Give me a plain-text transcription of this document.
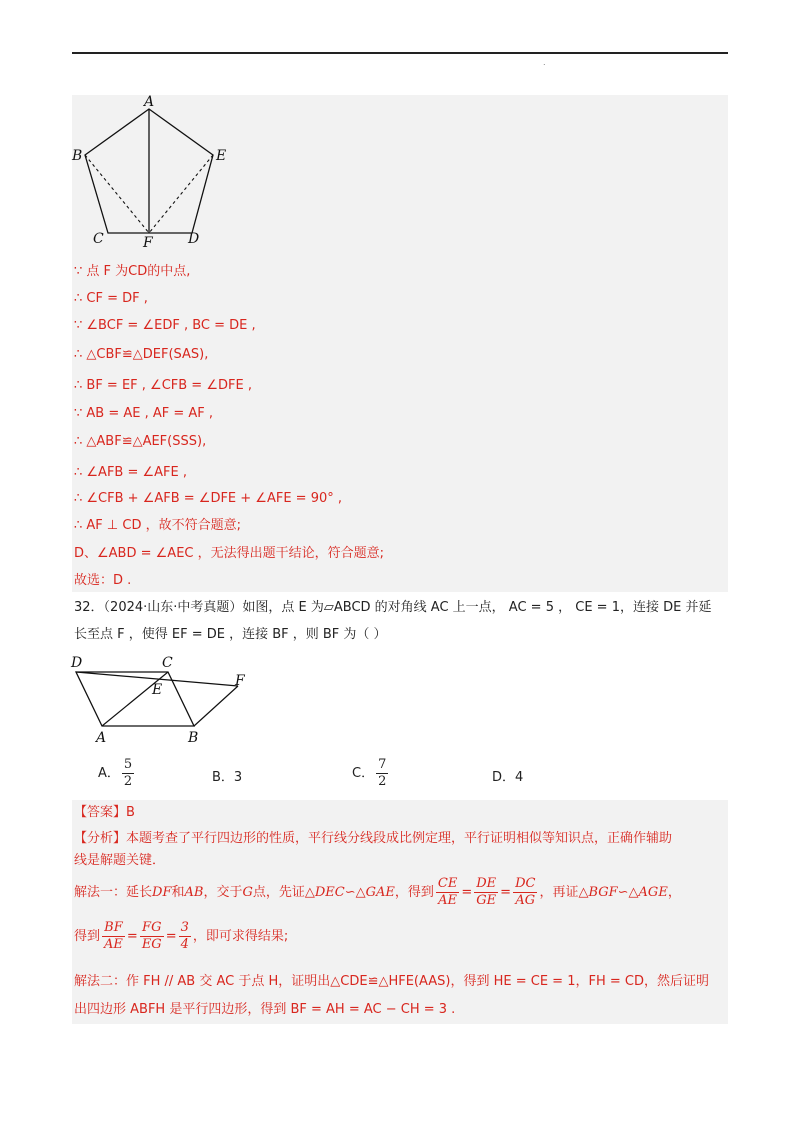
.
A
B	E
C	F	D
∵ 点 F 为CD的中点,
∴ CF = DF ,
∵ ∠BCF = ∠EDF , BC = DE ,
∴ △CBF≌△DEF(SAS),
∴ BF = EF , ∠CFB = ∠DFE ,
∵ AB = AE , AF = AF ,
∴ △ABF≌△AEF(SSS),
∴ ∠AFB = ∠AFE ,
∴ ∠CFB + ∠AFB = ∠DFE + ∠AFE = 90° ,
∴ AF ⊥ CD ，故不符合题意;
D、∠ABD = ∠AEC ，无法得出题干结论，符合题意;
故选：D .
32．（2024·山东·中考真题）如图，点 E 为▱ABCD 的对角线 AC 上一点， AC = 5 ， CE = 1，连接 DE 并延
长至点 F ，使得 EF = DE ，连接 BF ，则 BF 为（ ）
D	C
E
F
A	B
A． $\frac{5}{2}$	B．3	C． $\frac{7}{2}$	D．4
【答案】B
【分析】本题考查了平行四边形的性质，平行线分线段成比例定理，平行证明相似等知识点，正确作辅助
线是解题关键．
解法一：延长DF和AB，交于G点，先证△DEC∽△GAE，得到 $\frac{CE}{AE} = \frac{DE}{GE} = \frac{DC}{AG}$ ，再证△BGF∽△AGE，
得到 $\frac{BF}{AE} = \frac{FG}{EG} = \frac{3}{4}$ ，即可求得结果;
解法二：作 FH // AB 交 AC 于点 H，证明出△CDE≌△HFE(AAS)，得到 HE = CE = 1，FH = CD，然后证明
出四边形 ABFH 是平行四边形，得到 BF = AH = AC − CH = 3 .
